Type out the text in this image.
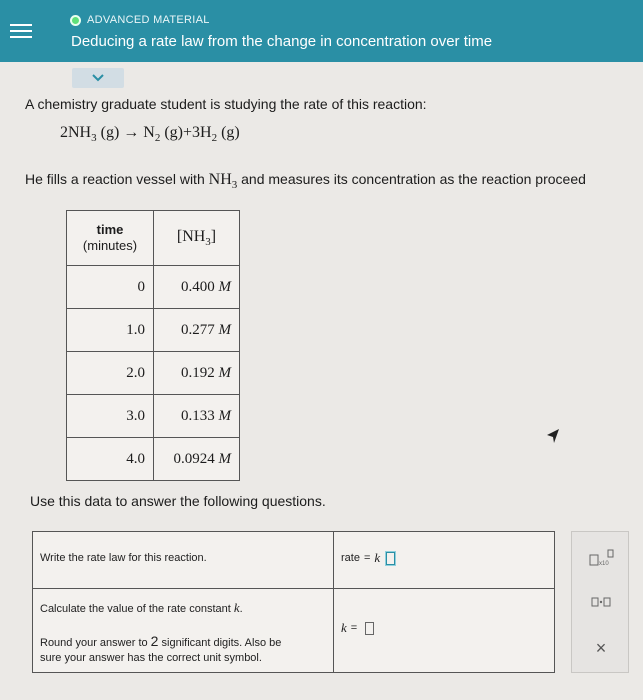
ADVANCED MATERIAL
Deducing a rate law from the change in concentration over time
A chemistry graduate student is studying the rate of this reaction:
$2NH_3$ $(g) \to N_2$ $(g)+3H_2$ (g)
He fills a reaction vessel with $NH_3$ and measures its concentration as the reaction proceed
time
(minutes)	$[NH_3]$
0	0.400 M
1.0	0.277 M
2.0	0.192 M
3.0	0.133 M
4.0	0.0924 M
Use this data to answer the following questions.
Write the rate law for this reaction.	rate = k
Calculate the value of the rate constant k.
Round your answer to 2 significant digits. Also be
sure your answer has the correct unit symbol.
k =
x10
×
